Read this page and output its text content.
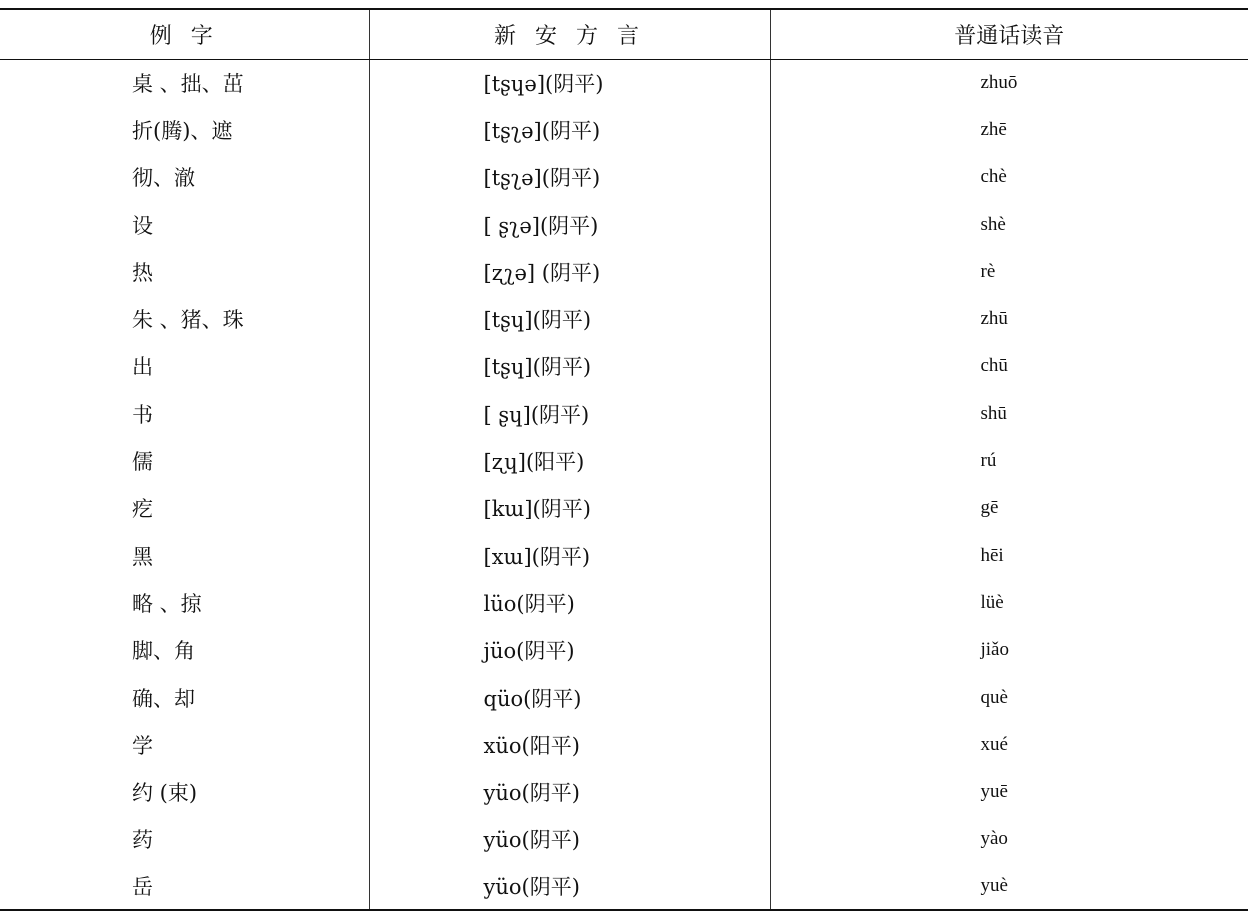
例 字	新 安 方 言	普通话读音
桌 、拙、茁	[tʂɥə](阴平)	zhuō
折(腾)、遮	[tʂʅə](阴平)	zhē
彻、澈	[tʂʅə](阴平)	chè
设	[ ʂʅə](阴平)	shè
热	[ʐʅə] (阴平)	rè
朱 、猪、珠	[tʂɥ](阴平)	zhū
出	[tʂɥ](阴平)	chū
书	[ ʂɥ](阴平)	shū
儒	[ʐɥ](阳平)	rú
疙	[kɯ](阴平)	gē
黑	[xɯ](阴平)	hēi
略 、掠	lüo(阴平)	lüè
脚、角	jüo(阴平)	jiǎo
确、却	qüo(阴平)	què
学	xüo(阳平)	xué
约 (束)	yüo(阴平)	yuē
药	yüo(阴平)	yào
岳	yüo(阴平)	yuè
